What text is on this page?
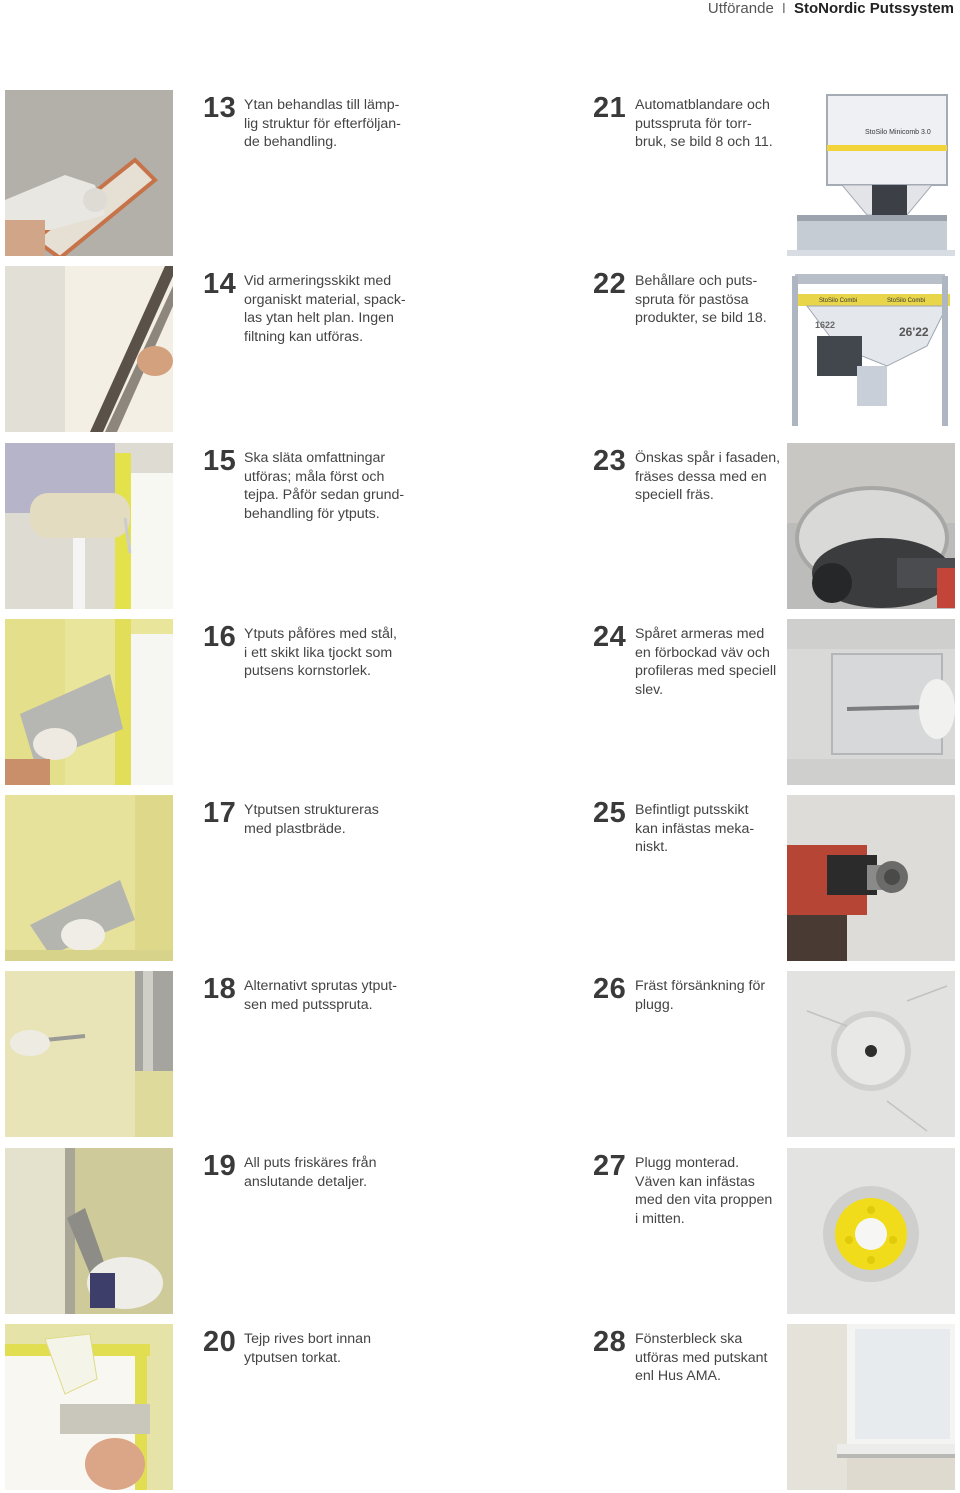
Utförande I StoNordic Putssystem
13 Ytan behandlas till lämp-
lig struktur för efterföljan-
de behandling.
14 Vid armeringsskikt med
organiskt material, spack-
las ytan helt plan. Ingen
filtning kan utföras.
15 Ska släta omfattningar
utföras; måla först och
tejpa. Påför sedan grund-
behandling för ytputs.
16 Ytputs påföres med stål,
i ett skikt lika tjockt som
putsens kornstorlek.
17 Ytputsen struktureras
med plastbräde.
18 Alternativt sprutas ytput-
sen med putsspruta.
19 All puts friskäres från
anslutande detaljer.
20 Tejp rives bort innan
ytputsen torkat.
StoSilo Minicomb 3.0
21 Automatblandare och
putsspruta för torr-
bruk, se bild 8 och 11.
StoSilo Combi	StoSilo Combi
26'22
1622
22 Behållare och puts-
spruta för pastösa
produkter, se bild 18.
23 Önskas spår i fasaden,
fräses dessa med en
speciell fräs.
24 Spåret armeras med
en förbockad väv och
profileras med speciell
slev.
25 Befintligt putsskikt
kan infästas meka-
niskt.
26 Fräst försänkning för
plugg.
27 Plugg monterad.
Väven kan infästas
med den vita proppen
i mitten.
28 Fönsterbleck ska
utföras med putskant
enl Hus AMA.
